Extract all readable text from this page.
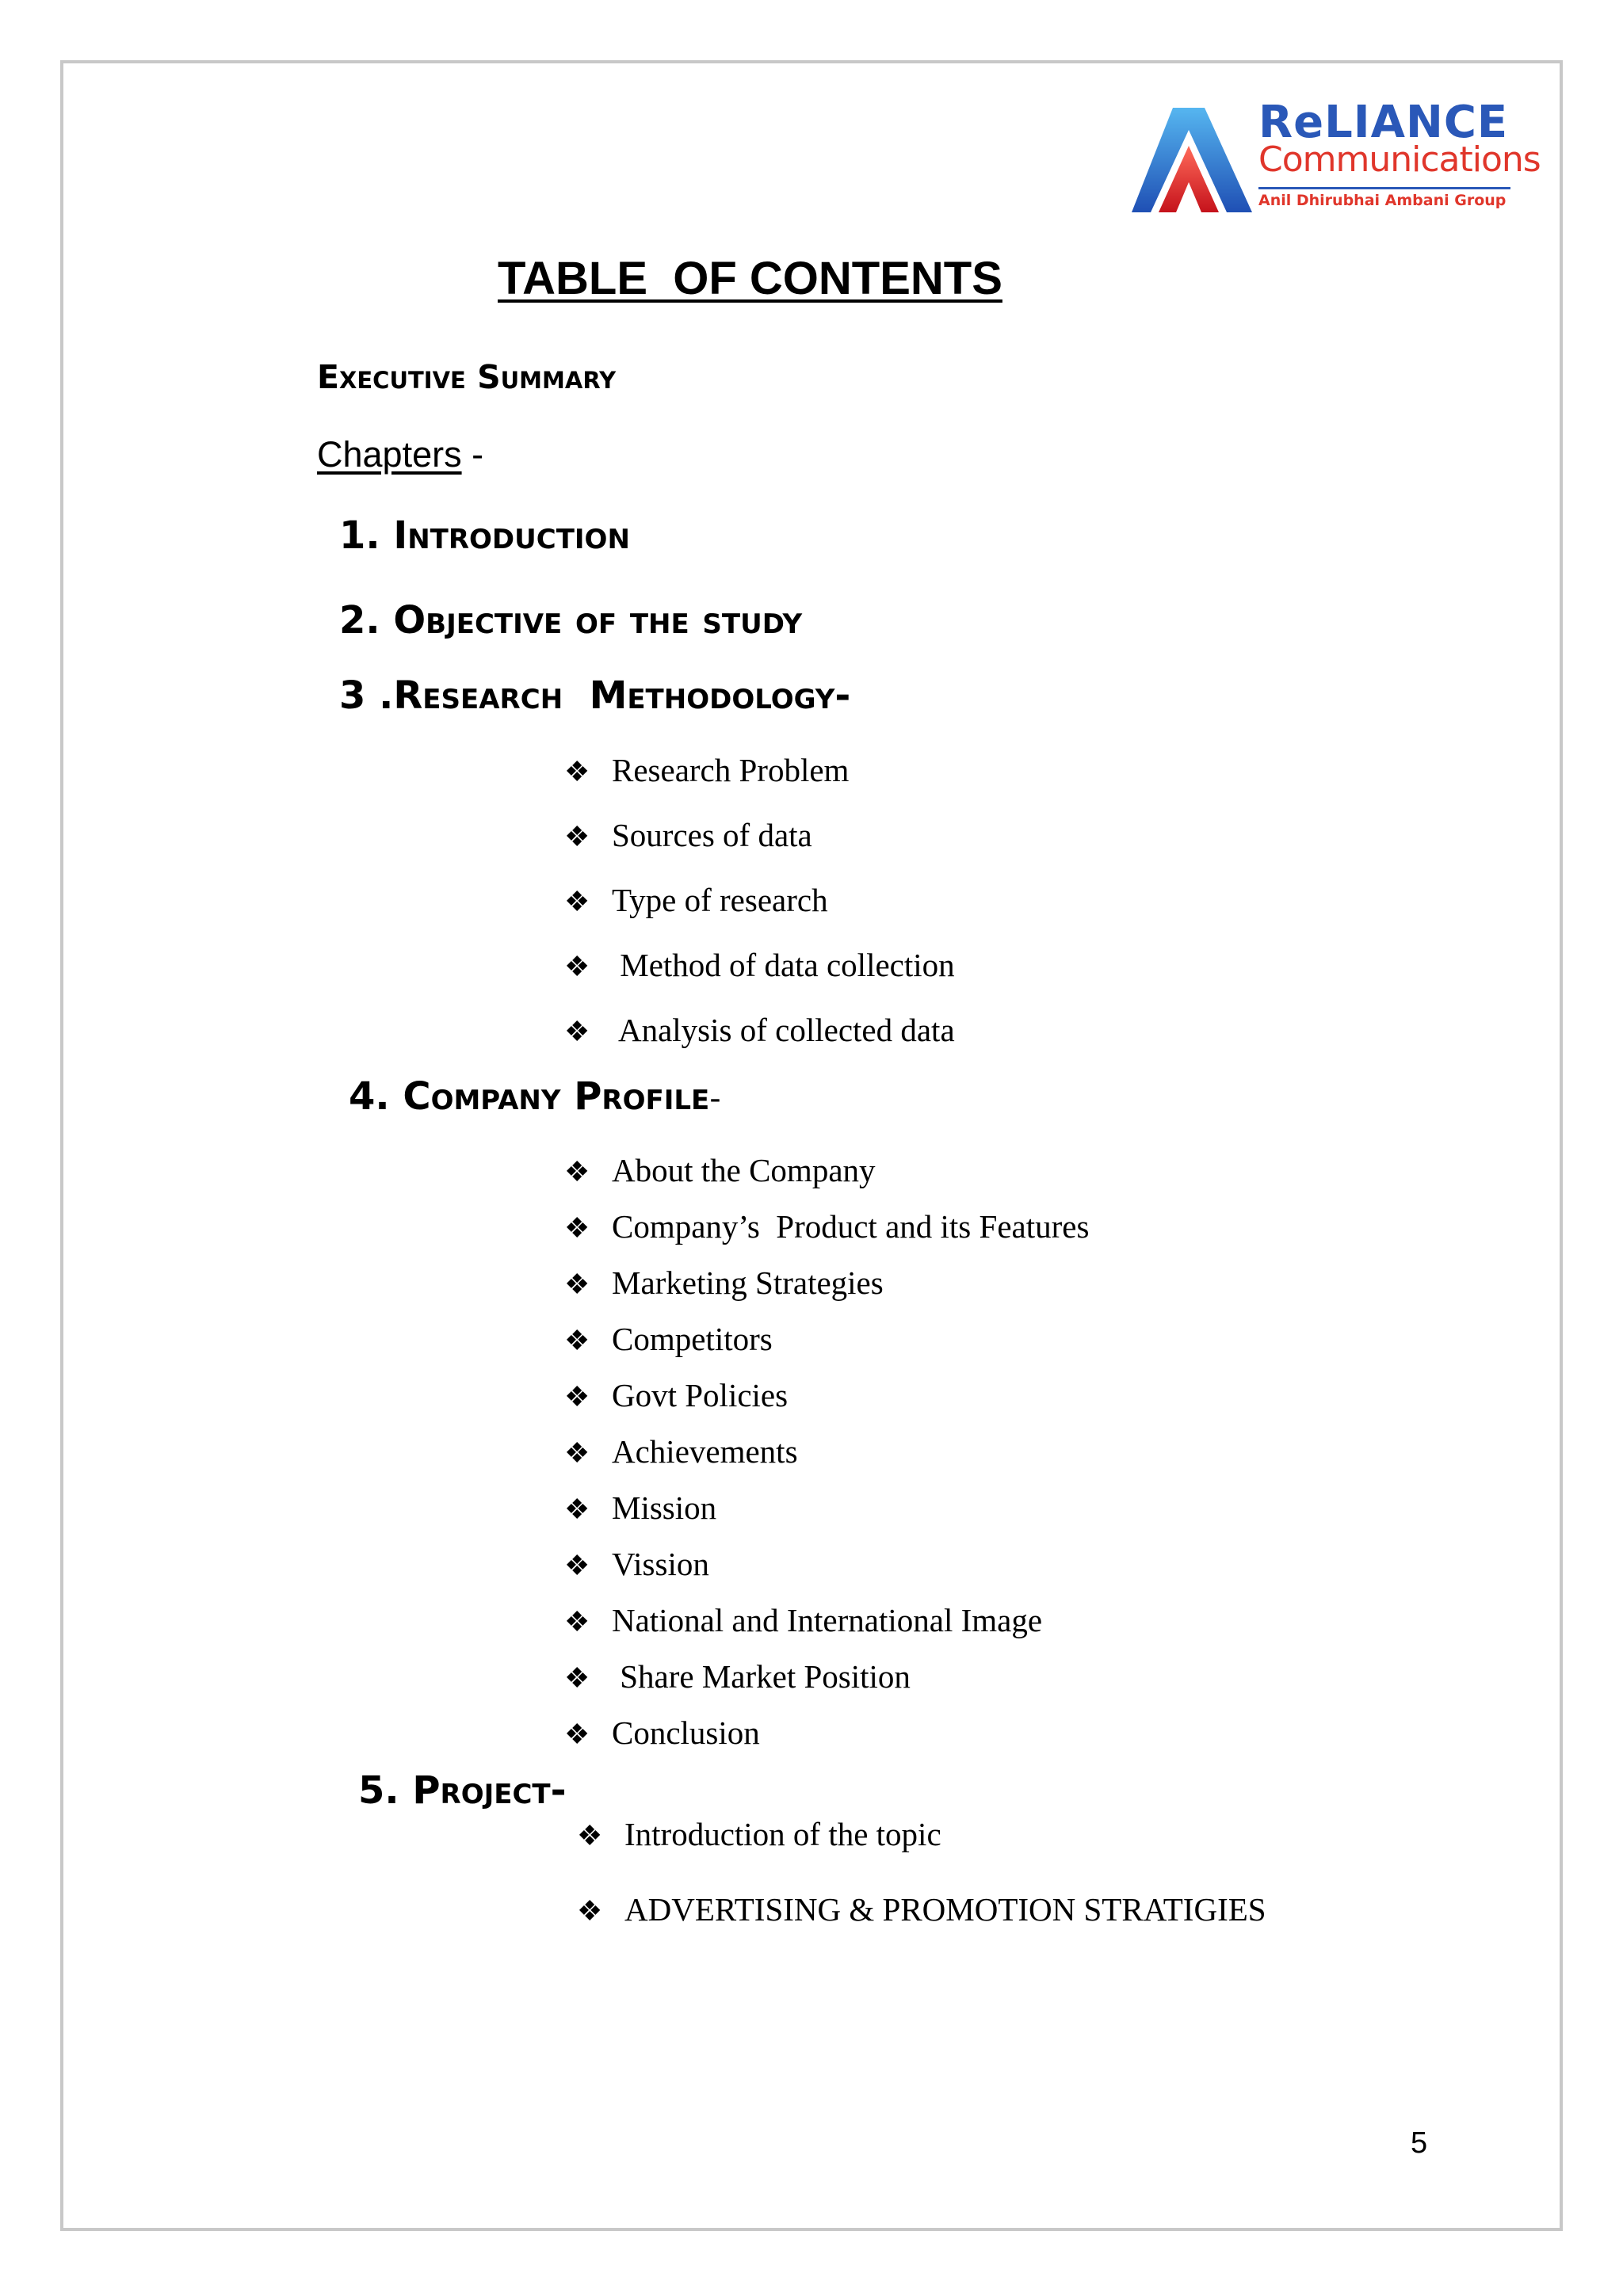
ReLIANCE
Communications
Anil Dhirubhai Ambani Group
TABLE  OF CONTENTS
Executive Summary
Chapters -
1. Introduction
2. Objective of the study
3 .Research  Methodology-
❖ Research Problem
❖ Sources of data
❖ Type of research
❖ Method of data collection
❖ Analysis of collected data
4. Company Profile-
❖ About the Company
❖ Company’s  Product and its Features
❖ Marketing Strategies
❖ Competitors
❖ Govt Policies
❖ Achievements
❖ Mission
❖ Vission
❖ National and International Image
❖ Share Market Position
❖ Conclusion
5. Project-
❖ Introduction of the topic
❖ ADVERTISING & PROMOTION STRATIGIES
5
